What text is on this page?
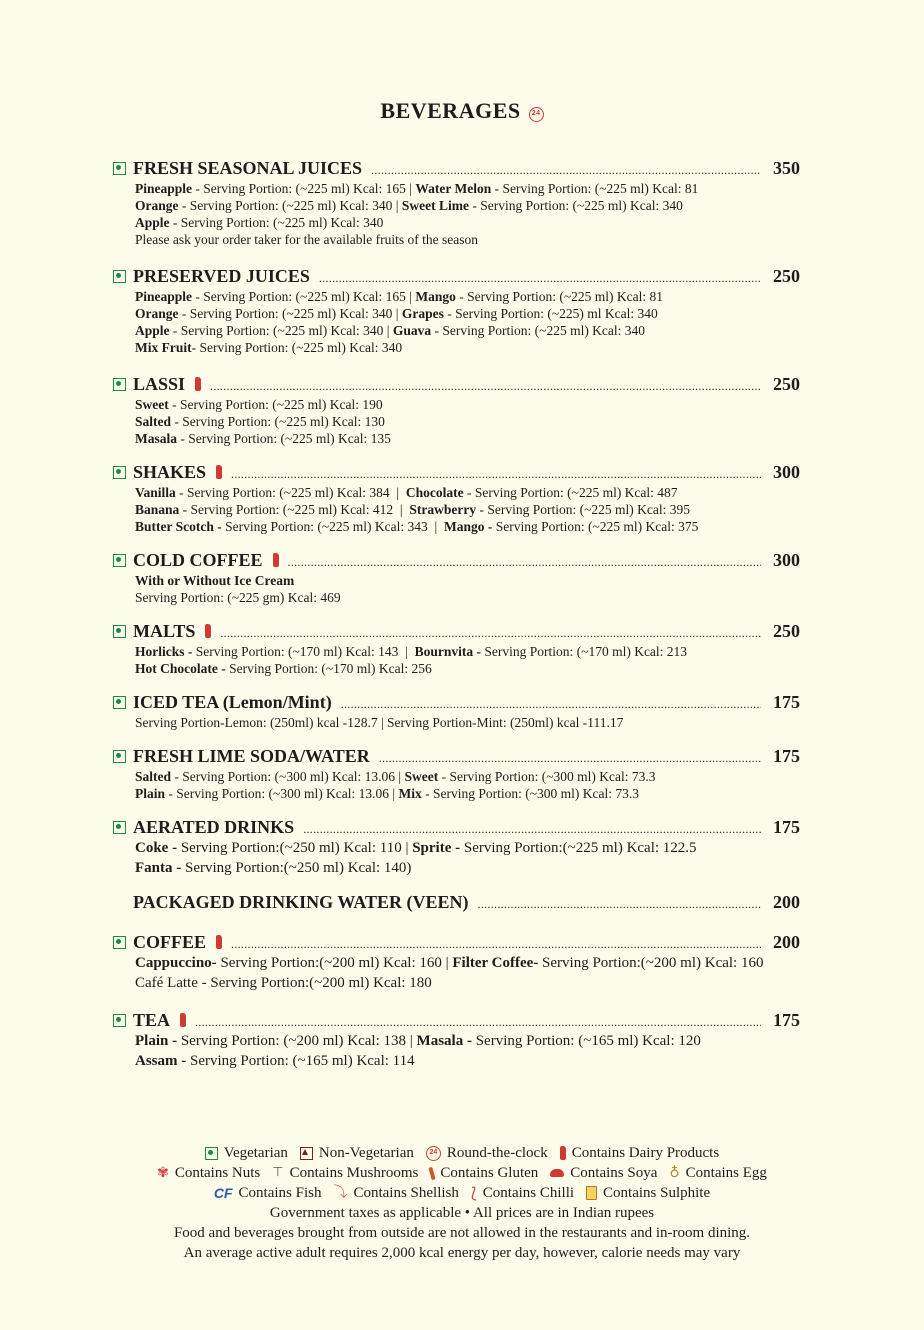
BEVERAGES 24
FRESH SEASONAL JUICES .....	350
Pineapple - Serving Portion: (~225 ml) Kcal: 165 | Water Melon - Serving Portion: (~225 ml) Kcal: 81
Orange - Serving Portion: (~225 ml) Kcal: 340 | Sweet Lime - Serving Portion: (~225 ml) Kcal: 340
Apple - Serving Portion: (~225 ml) Kcal: 340
Please ask your order taker for the available fruits of the season
PRESERVED JUICES .....	250
Pineapple - Serving Portion: (~225 ml) Kcal: 165 | Mango - Serving Portion: (~225 ml) Kcal: 81
Orange - Serving Portion: (~225 ml) Kcal: 340 | Grapes - Serving Portion: (~225) ml Kcal: 340
Apple - Serving Portion: (~225 ml) Kcal: 340 | Guava - Serving Portion: (~225 ml) Kcal: 340
Mix Fruit- Serving Portion: (~225 ml) Kcal: 340
LASSI .....	250
Sweet - Serving Portion: (~225 ml) Kcal: 190
Salted - Serving Portion: (~225 ml) Kcal: 130
Masala - Serving Portion: (~225 ml) Kcal: 135
SHAKES .....	300
Vanilla - Serving Portion: (~225 ml) Kcal: 384  |  Chocolate - Serving Portion: (~225 ml) Kcal: 487
Banana - Serving Portion: (~225 ml) Kcal: 412  |  Strawberry - Serving Portion: (~225 ml) Kcal: 395
Butter Scotch - Serving Portion: (~225 ml) Kcal: 343  |  Mango - Serving Portion: (~225 ml) Kcal: 375
COLD COFFEE .....	300
With or Without Ice Cream
Serving Portion: (~225 gm) Kcal: 469
MALTS .....	250
Horlicks - Serving Portion: (~170 ml) Kcal: 143  |  Bournvita - Serving Portion: (~170 ml) Kcal: 213
Hot Chocolate - Serving Portion: (~170 ml) Kcal: 256
ICED TEA (Lemon/Mint) .....	175
Serving Portion-Lemon: (250ml) kcal -128.7 | Serving Portion-Mint: (250ml) kcal -111.17
FRESH LIME SODA/WATER .....	175
Salted - Serving Portion: (~300 ml) Kcal: 13.06 | Sweet - Serving Portion: (~300 ml) Kcal: 73.3
Plain - Serving Portion: (~300 ml) Kcal: 13.06 | Mix - Serving Portion: (~300 ml) Kcal: 73.3
AERATED DRINKS .....	175
Coke - Serving Portion:(~250 ml) Kcal: 110 | Sprite - Serving Portion:(~225 ml) Kcal: 122.5
Fanta - Serving Portion:(~250 ml) Kcal: 140)
PACKAGED DRINKING WATER (VEEN) .....	200
COFFEE .....	200
Cappuccino- Serving Portion:(~200 ml) Kcal: 160 | Filter Coffee- Serving Portion:(~200 ml) Kcal: 160
Café Latte - Serving Portion:(~200 ml) Kcal: 180
TEA .....	175
Plain - Serving Portion: (~200 ml) Kcal: 138 | Masala - Serving Portion: (~165 ml) Kcal: 120
Assam - Serving Portion: (~165 ml) Kcal: 114
Vegetarian Non-Vegetarian	24 Round-the-clock Contains Dairy Products
✾ Contains Nuts ⊤ Contains Mushrooms Contains Gluten Contains Soya ♁ Contains Egg
CF Contains Fish ⤵ Contains Shellish ⟅ Contains Chilli Contains Sulphite
Government taxes as applicable • All prices are in Indian rupees
Food and beverages brought from outside are not allowed in the restaurants and in-room dining.
An average active adult requires 2,000 kcal energy per day, however, calorie needs may vary
